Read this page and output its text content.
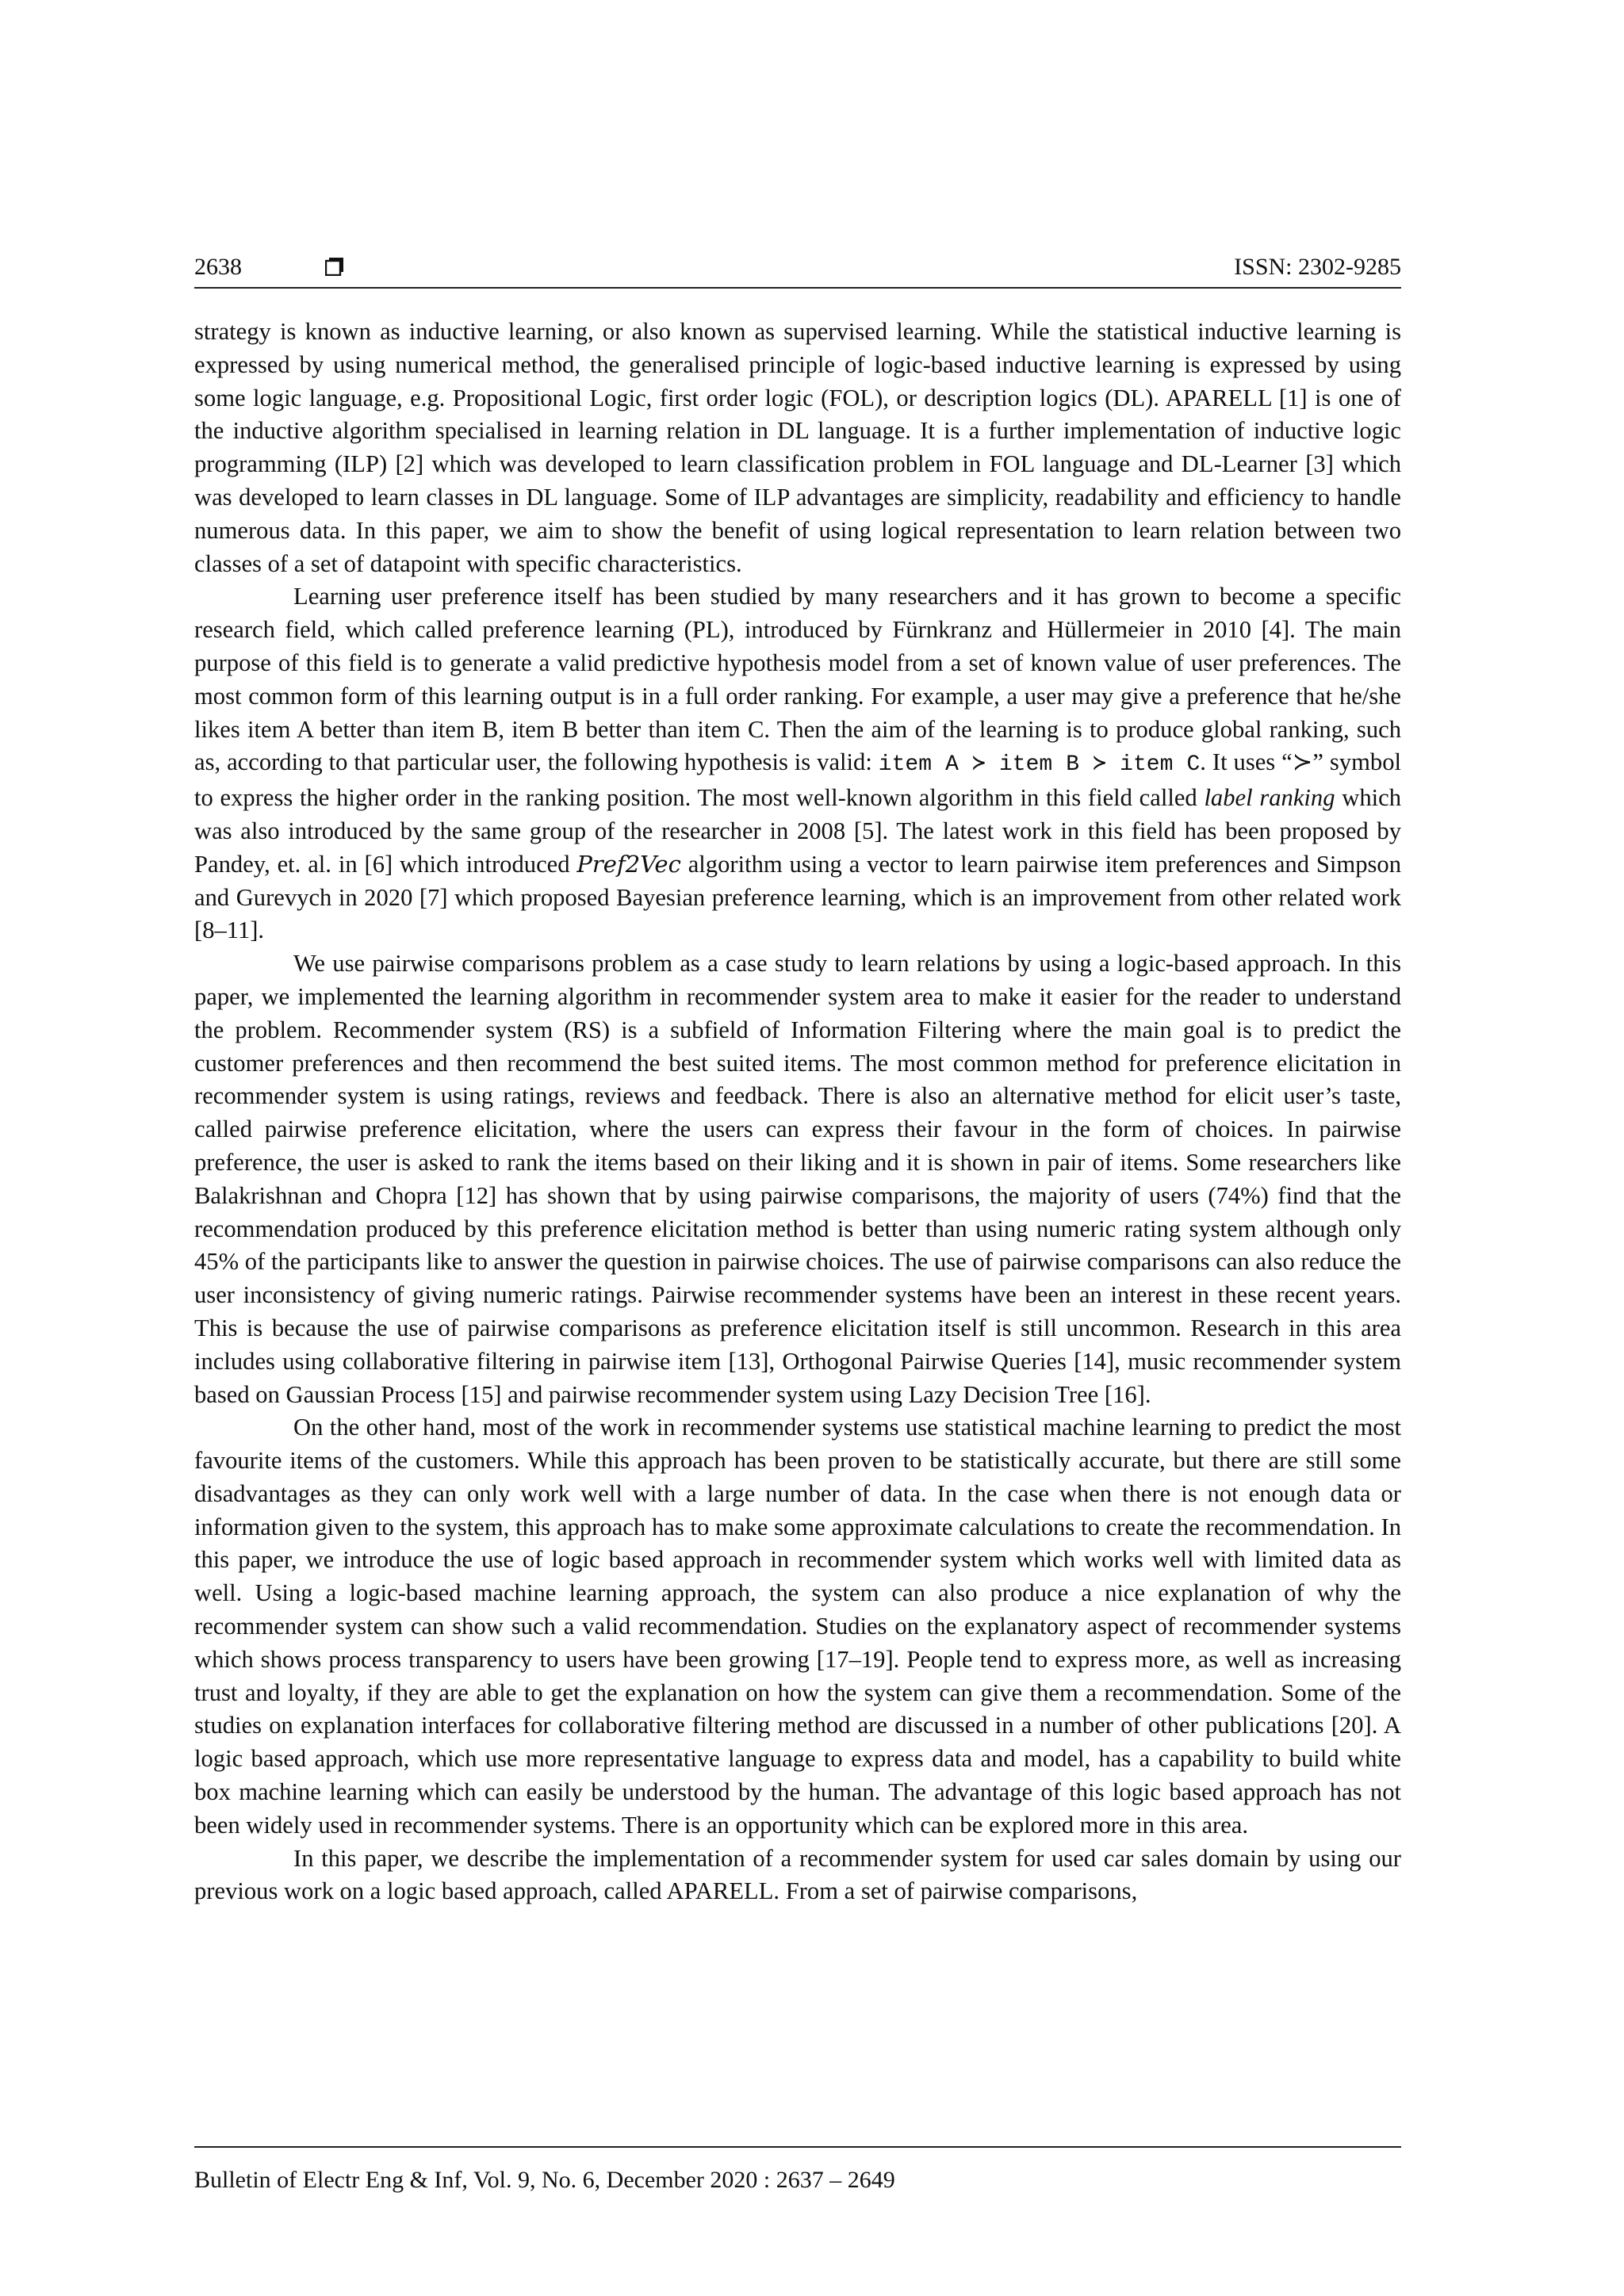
2638	ISSN: 2302-9285

strategy is known as inductive learning, or also known as supervised learning. While the statistical inductive learning is expressed by using numerical method, the generalised principle of logic-based inductive learning is expressed by using some logic language, e.g. Propositional Logic, first order logic (FOL), or description logics (DL). APARELL [1] is one of the inductive algorithm specialised in learning relation in DL language. It is a further implementation of inductive logic programming (ILP) [2] which was developed to learn classification problem in FOL language and DL-Learner [3] which was developed to learn classes in DL language. Some of ILP advantages are simplicity, readability and efficiency to handle numerous data. In this paper, we aim to show the benefit of using logical representation to learn relation between two classes of a set of datapoint with specific characteristics.

Learning user preference itself has been studied by many researchers and it has grown to become a specific research field, which called preference learning (PL), introduced by Fürnkranz and Hüllermeier in 2010 [4]. The main purpose of this field is to generate a valid predictive hypothesis model from a set of known value of user preferences. The most common form of this learning output is in a full order ranking. For example, a user may give a preference that he/she likes item A better than item B, item B better than item C. Then the aim of the learning is to produce global ranking, such as, according to that particular user, the following hypothesis is valid: item A ≻ item B ≻ item C. It uses “≻” symbol to express the higher order in the ranking position. The most well-known algorithm in this field called label ranking which was also introduced by the same group of the researcher in 2008 [5]. The latest work in this field has been proposed by Pandey, et. al. in [6] which introduced Pref2Vec algorithm using a vector to learn pairwise item preferences and Simpson and Gurevych in 2020 [7] which proposed Bayesian preference learning, which is an improvement from other related work [8–11].

We use pairwise comparisons problem as a case study to learn relations by using a logic-based approach. In this paper, we implemented the learning algorithm in recommender system area to make it easier for the reader to understand the problem. Recommender system (RS) is a subfield of Information Filtering where the main goal is to predict the customer preferences and then recommend the best suited items. The most common method for preference elicitation in recommender system is using ratings, reviews and feedback. There is also an alternative method for elicit user’s taste, called pairwise preference elicitation, where the users can express their favour in the form of choices. In pairwise preference, the user is asked to rank the items based on their liking and it is shown in pair of items. Some researchers like Balakrishnan and Chopra [12] has shown that by using pairwise comparisons, the majority of users (74%) find that the recommendation produced by this preference elicitation method is better than using numeric rating system although only 45% of the participants like to answer the question in pairwise choices. The use of pairwise comparisons can also reduce the user inconsistency of giving numeric ratings. Pairwise recommender systems have been an interest in these recent years. This is because the use of pairwise comparisons as preference elicitation itself is still uncommon. Research in this area includes using collaborative filtering in pairwise item [13], Orthogonal Pairwise Queries [14], music recommender system based on Gaussian Process [15] and pairwise recommender system using Lazy Decision Tree [16].

On the other hand, most of the work in recommender systems use statistical machine learning to predict the most favourite items of the customers. While this approach has been proven to be statistically accurate, but there are still some disadvantages as they can only work well with a large number of data. In the case when there is not enough data or information given to the system, this approach has to make some approximate calculations to create the recommendation. In this paper, we introduce the use of logic based approach in recommender system which works well with limited data as well. Using a logic-based machine learning approach, the system can also produce a nice explanation of why the recommender system can show such a valid recommendation. Studies on the explanatory aspect of recommender systems which shows process transparency to users have been growing [17–19]. People tend to express more, as well as increasing trust and loyalty, if they are able to get the explanation on how the system can give them a recommendation. Some of the studies on explanation interfaces for collaborative filtering method are discussed in a number of other publications [20]. A logic based approach, which use more representative language to express data and model, has a capability to build white box machine learning which can easily be understood by the human. The advantage of this logic based approach has not been widely used in recommender systems. There is an opportunity which can be explored more in this area.

In this paper, we describe the implementation of a recommender system for used car sales domain by using our previous work on a logic based approach, called APARELL. From a set of pairwise comparisons,

Bulletin of Electr Eng & Inf, Vol. 9, No. 6, December 2020 : 2637 – 2649
